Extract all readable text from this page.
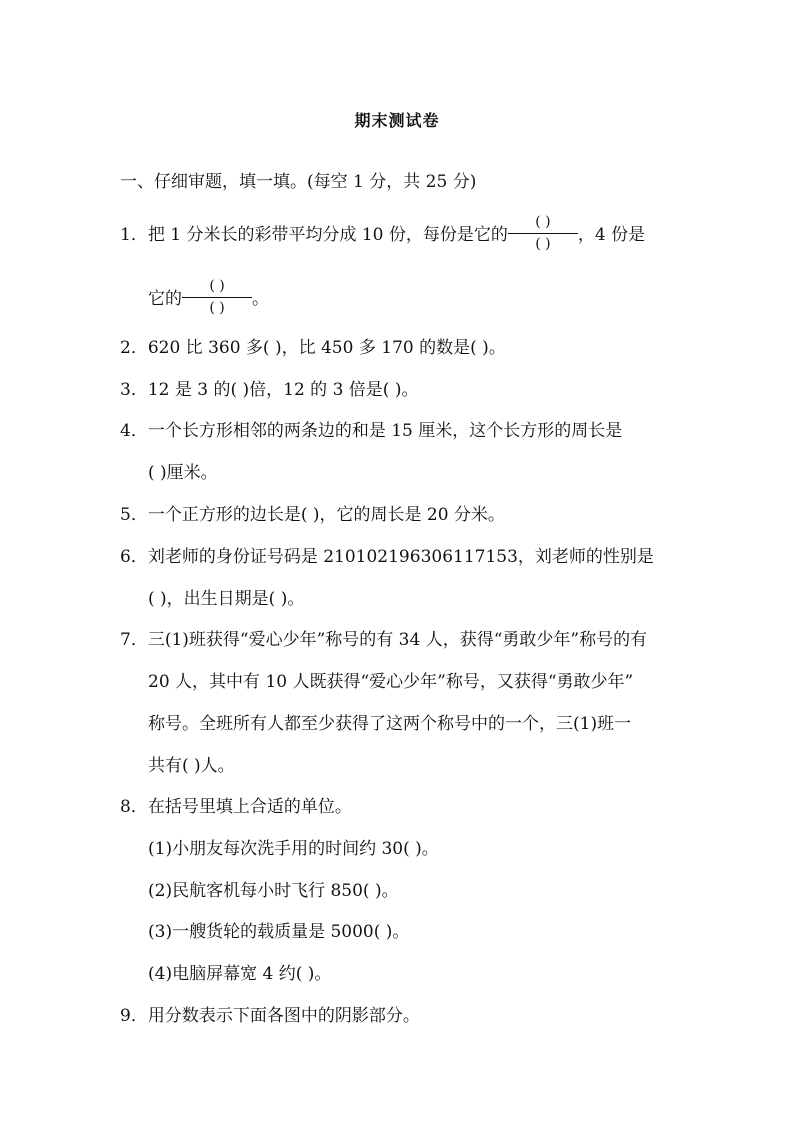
期末测试卷
一、仔细审题，填一填。(每空 1 分，共 25 分)
1．把 1 分米长的彩带平均分成 10 份，每份是它的 $\frac{( )}{( )}$ ，4 份是
它的 $\frac{( )}{( )}$ 。
2．620 比 360 多( )，比 450 多 170 的数是( )。
3．12 是 3 的( )倍，12 的 3 倍是( )。
4．一个长方形相邻的两条边的和是 15 厘米，这个长方形的周长是
( )厘米。
5．一个正方形的边长是( )，它的周长是 20 分米。
6．刘老师的身份证号码是 210102196306117153，刘老师的性别是
( )，出生日期是( )。
7．三(1)班获得“爱心少年”称号的有 34 人，获得“勇敢少年”称号的有
20 人，其中有 10 人既获得“爱心少年”称号，又获得“勇敢少年”
称号。全班所有人都至少获得了这两个称号中的一个，三(1)班一
共有( )人。
8．在括号里填上合适的单位。
(1)小朋友每次洗手用的时间约 30( )。
(2)民航客机每小时飞行 850( )。
(3)一艘货轮的载质量是 5000( )。
(4)电脑屏幕宽 4 约( )。
9．用分数表示下面各图中的阴影部分。
